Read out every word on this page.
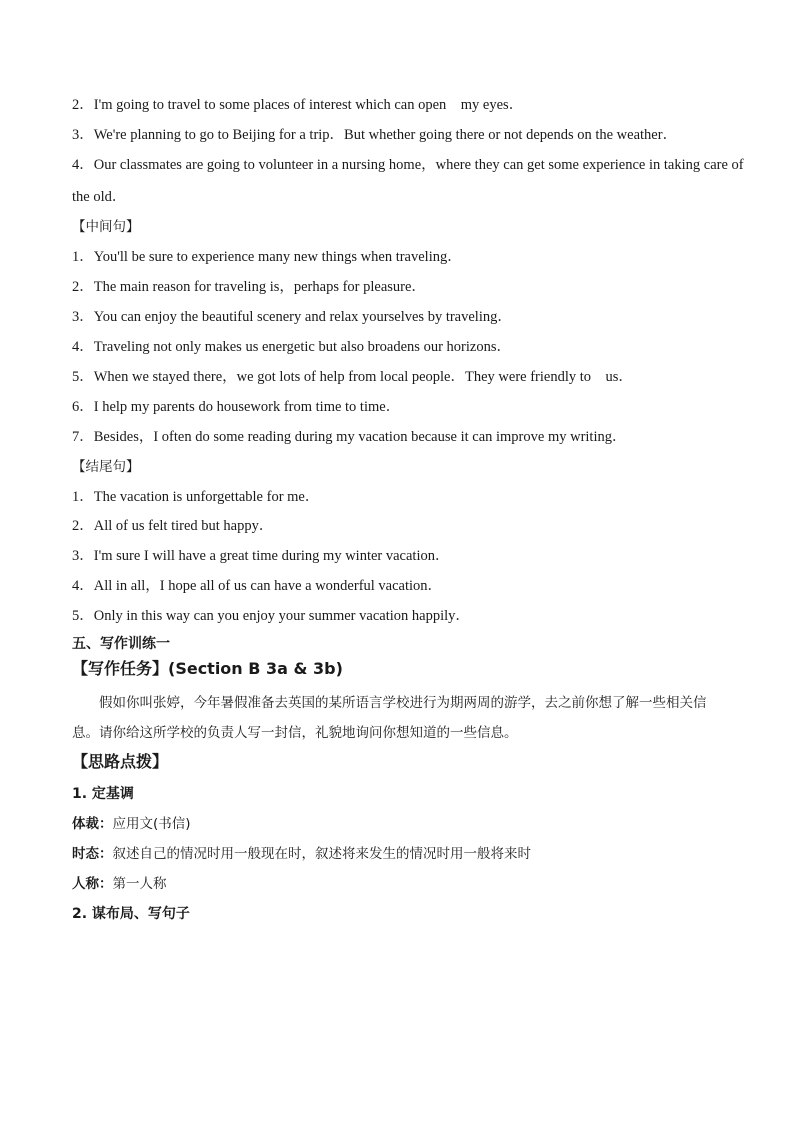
2．I'm going to travel to some places of interest which can open    my eyes．
3．We're planning to go to Beijing for a trip．But whether going there or not depends on the weather．
4．Our classmates are going to volunteer in a nursing home，where they can get some experience in taking care of
the old．
【中间句】
1．You'll be sure to experience many new things when traveling．
2．The main reason for traveling is，perhaps for pleasure．
3．You can enjoy the beautiful scenery and relax yourselves by traveling．
4．Traveling not only makes us energetic but also broadens our horizons．
5．When we stayed there，we got lots of help from local people．They were friendly to    us．
6．I help my parents do housework from time to time．
7．Besides，I often do some reading during my vacation because it can improve my writing．
【结尾句】
1．The vacation is unforgettable for me．
2．All of us felt tired but happy．
3．I'm sure I will have a great time during my winter vacation．
4．All in all，I hope all of us can have a wonderful vacation．
5．Only in this way can you enjoy your summer vacation happily．
五、写作训练一
【写作任务】(Section B 3a & 3b)
假如你叫张婷，今年暑假准备去英国的某所语言学校进行为期两周的游学，去之前你想了解一些相关信息。请你给这所学校的负责人写一封信，礼貌地询问你想知道的一些信息。
【思路点拨】
1. 定基调
体裁：应用文(书信)
时态：叙述自己的情况时用一般现在时，叙述将来发生的情况时用一般将来时
人称：第一人称
2. 谋布局、写句子
